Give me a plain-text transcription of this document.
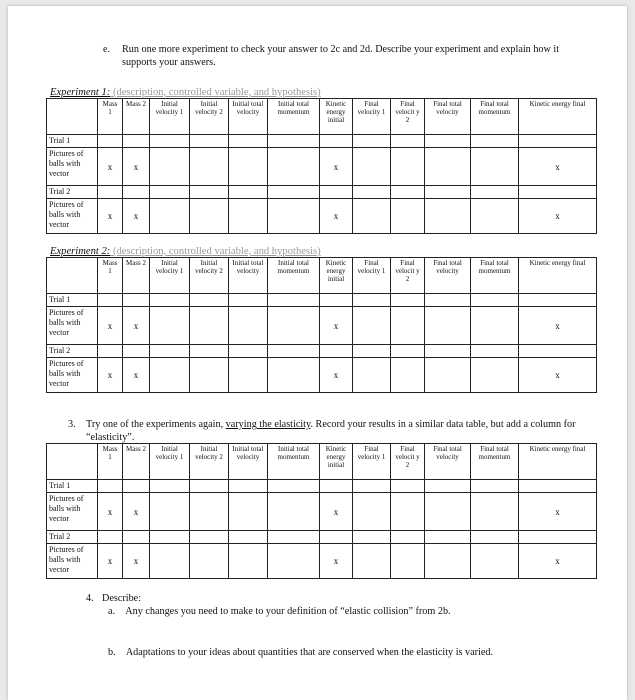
e. Run one more experiment to check your answer to 2c and 2d. Describe your experiment and explain how it supports your answers.
Experiment 1: (description, controlled variable, and hypothesis)
	Mass 1	Mass 2	Initial velocity 1	Initial velocity 2	Initial total velocity	Initial total momentum	Kinetic energy initial	Final velocity 1	Final velocit y 2	Final total velocity	Final total momentum	Kinetic energy final
Trial 1												
Pictures of balls with vector	x	x					x					x
Trial 2												
Pictures of balls with vector	x	x					x					x
Experiment 2: (description, controlled variable, and hypothesis)
	Mass 1	Mass 2	Initial velocity 1	Initial velocity 2	Initial total velocity	Initial total momentum	Kinetic energy initial	Final velocity 1	Final velocit y 2	Final total velocity	Final total momentum	Kinetic energy final
Trial 1												
Pictures of balls with vector	x	x					x					x
Trial 2												
Pictures of balls with vector	x	x					x					x
3. Try one of the experiments again, varying the elasticity. Record your results in a similar data table, but add a column for “elasticity”.
	Mass 1	Mass 2	Initial velocity 1	Initial velocity 2	Initial total velocity	Initial total momentum	Kinetic energy initial	Final velocity 1	Final velocit y 2	Final total velocity	Final total momentum	Kinetic energy final
Trial 1												
Pictures of balls with vector	x	x					x					x
Trial 2												
Pictures of balls with vector	x	x					x					x
4. Describe:
a. Any changes you need to make to your definition of “elastic collision” from 2b.
b. Adaptations to your ideas about quantities that are conserved when the elasticity is varied.
